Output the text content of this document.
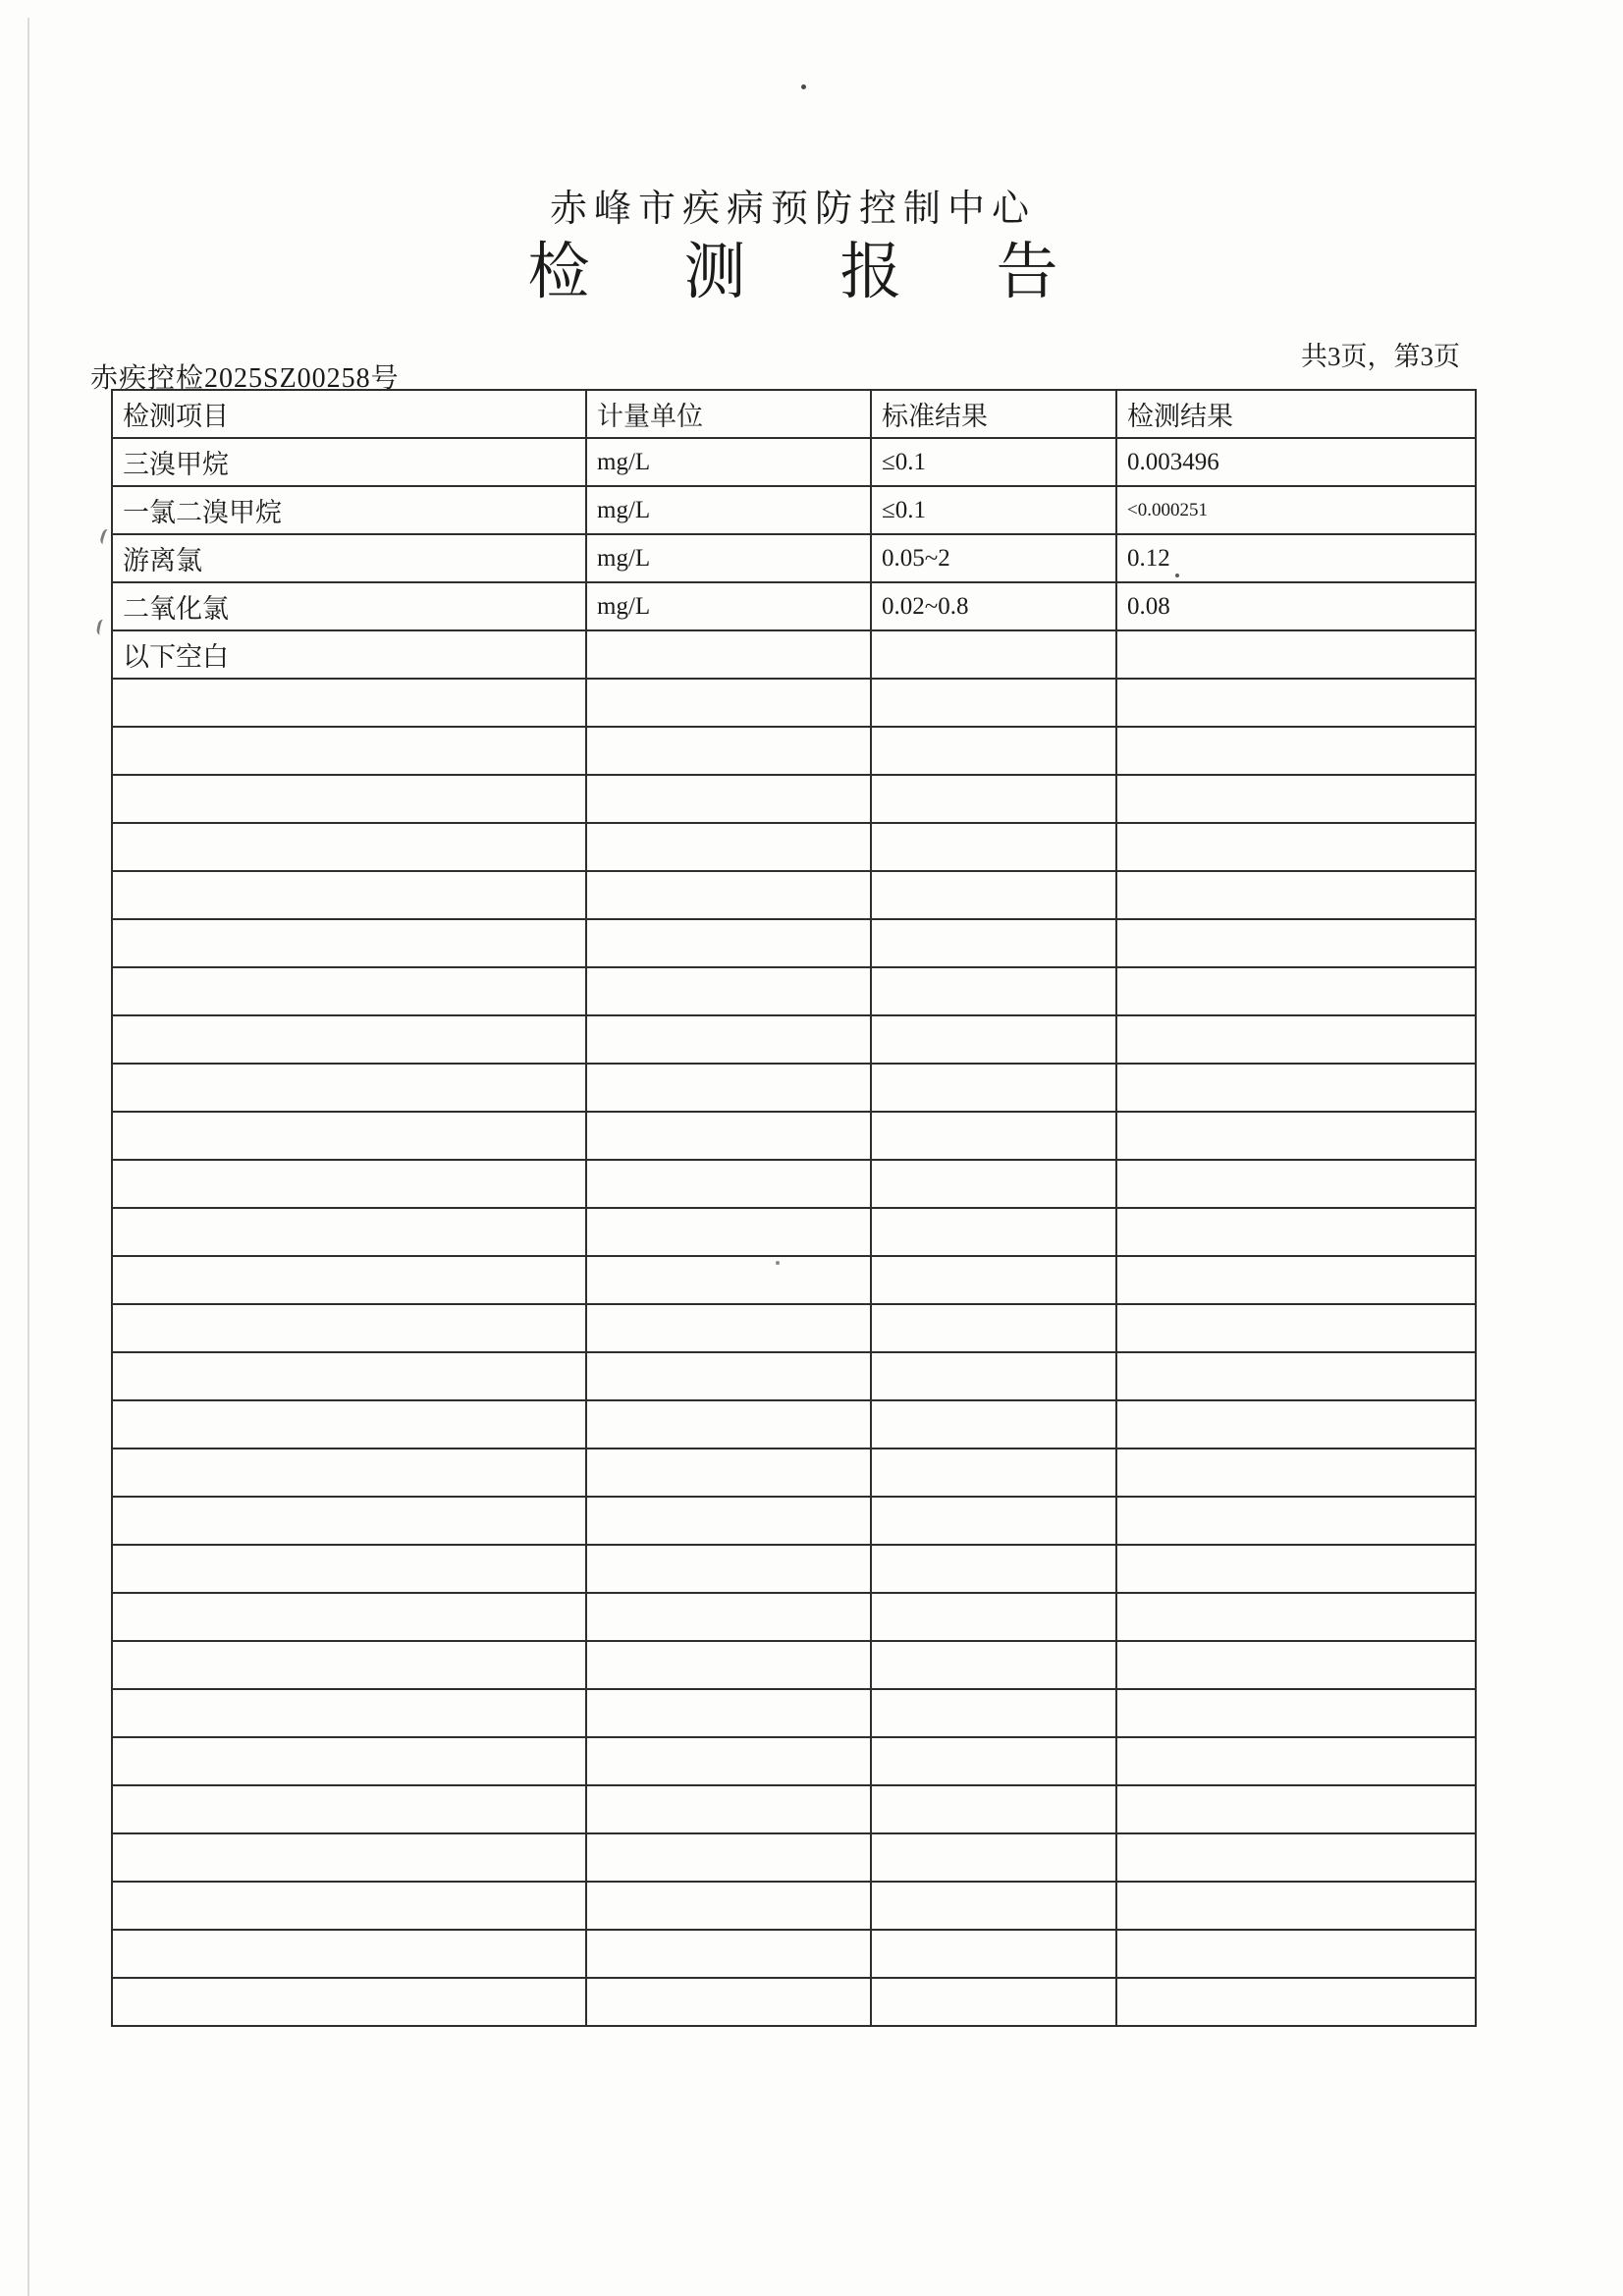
赤峰市疾病预防控制中心
检测报告
赤疾控检2025SZ00258号
共3页，第3页
检测项目	计量单位	标准结果	检测结果
三溴甲烷	mg/L	≤0.1	0.003496
一氯二溴甲烷	mg/L	≤0.1	<0.000251
游离氯	mg/L	0.05~2	0.12
二氧化氯	mg/L	0.02~0.8	0.08
以下空白			
